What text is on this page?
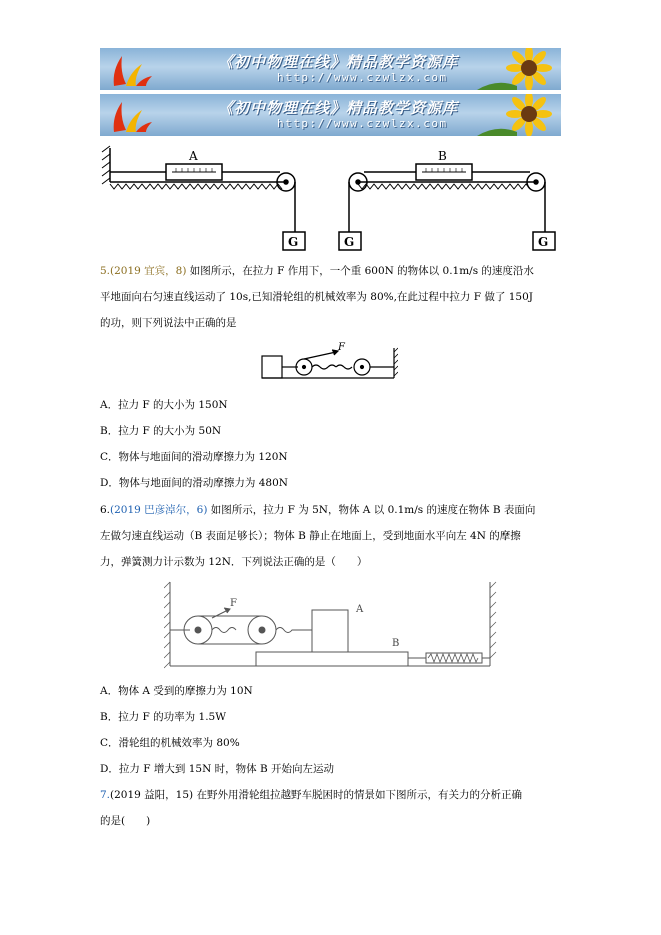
《初中物理在线》精品教学资源库
http://www.czwlzx.com
《初中物理在线》精品教学资源库
http://www.czwlzx.com
A	B
G	G	G
5.(2019 宜宾，8) 如图所示，在拉力 F 作用下，一个重 600N 的物体以 0.1m/s 的速度沿水
平地面向右匀速直线运动了 10s,已知滑轮组的机械效率为 80%,在此过程中拉力 F 做了 150J
的功，则下列说法中正确的是
F
A．拉力 F 的大小为 150N
B．拉力 F 的大小为 50N
C．物体与地面间的滑动摩擦力为 120N
D．物体与地面间的滑动摩擦力为 480N
6.(2019 巴彦淖尔，6) 如图所示，拉力 F 为 5N，物体 A 以 0.1m/s 的速度在物体 B 表面向
左做匀速直线运动（B 表面足够长）；物体 B 静止在地面上，受到地面水平向左 4N 的摩擦
力，弹簧测力计示数为 12N．下列说法正确的是（　　）
F
A
B
A．物体 A 受到的摩擦力为 10N
B．拉力 F 的功率为 1.5W
C．滑轮组的机械效率为 80%
D．拉力 F 增大到 15N 时，物体 B 开始向左运动
7.(2019 益阳，15) 在野外用滑轮组拉越野车脱困时的情景如下图所示，有关力的分析正确
的是(　　)
